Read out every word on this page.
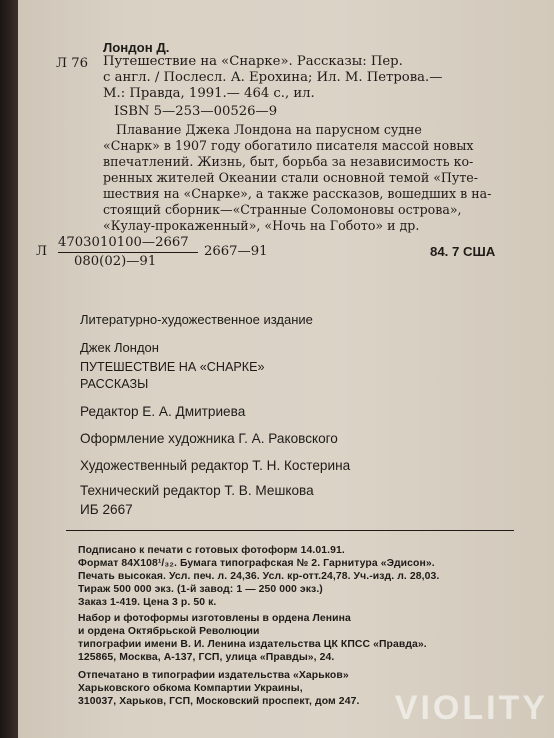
Лондон Д.
Л 76 Путешествие на «Снарке». Рассказы: Пер.
с англ. / Послесл. А. Ерохина; Ил. М. Петрова.—
М.: Правда, 1991.— 464 с., ил.
ISBN 5—253—00526—9
Плавание Джека Лондона на парусном судне
«Снарк» в 1907 году обогатило писателя массой новых
впечатлений. Жизнь, быт, борьба за независимость ко-
ренных жителей Океании стали основной темой «Путе-
шествия на «Снарке», а также рассказов, вошедших в на-
стоящий сборник—«Странные Соломоновы острова»,
«Кулау-прокаженный», «Ночь на Гобото» и др.
Л
4703010100—2667
080(02)—91
2667—91	84. 7 США
Литературно-художественное издание
Джек Лондон
ПУТЕШЕСТВИЕ НА «СНАРКЕ»
РАССКАЗЫ
Редактор Е. А. Дмитриева
Оформление художника Г. А. Раковского
Художественный редактор Т. Н. Костерина
Технический редактор Т. В. Мешкова
ИБ 2667
Подписано к печати с готовых фотоформ 14.01.91.
Формат 84Х108¹/₃₂. Бумага типографская № 2. Гарнитура «Эдисон».
Печать высокая. Усл. печ. л. 24,36. Усл. кр-отт.24,78. Уч.-изд. л. 28,03.
Тираж 500 000 экз. (1-й завод: 1 — 250 000 экз.)
Заказ 1-419. Цена 3 р. 50 к.
Набор и фотоформы изготовлены в ордена Ленина
и ордена Октябрьской Революции
типографии имени В. И. Ленина издательства ЦК КПСС «Правда».
125865, Москва, А-137, ГСП, улица «Правды», 24.
Отпечатано в типографии издательства «Харьков»
Харьковского обкома Компартии Украины,
310037, Харьков, ГСП, Московский проспект, дом 247. VIOLITY
